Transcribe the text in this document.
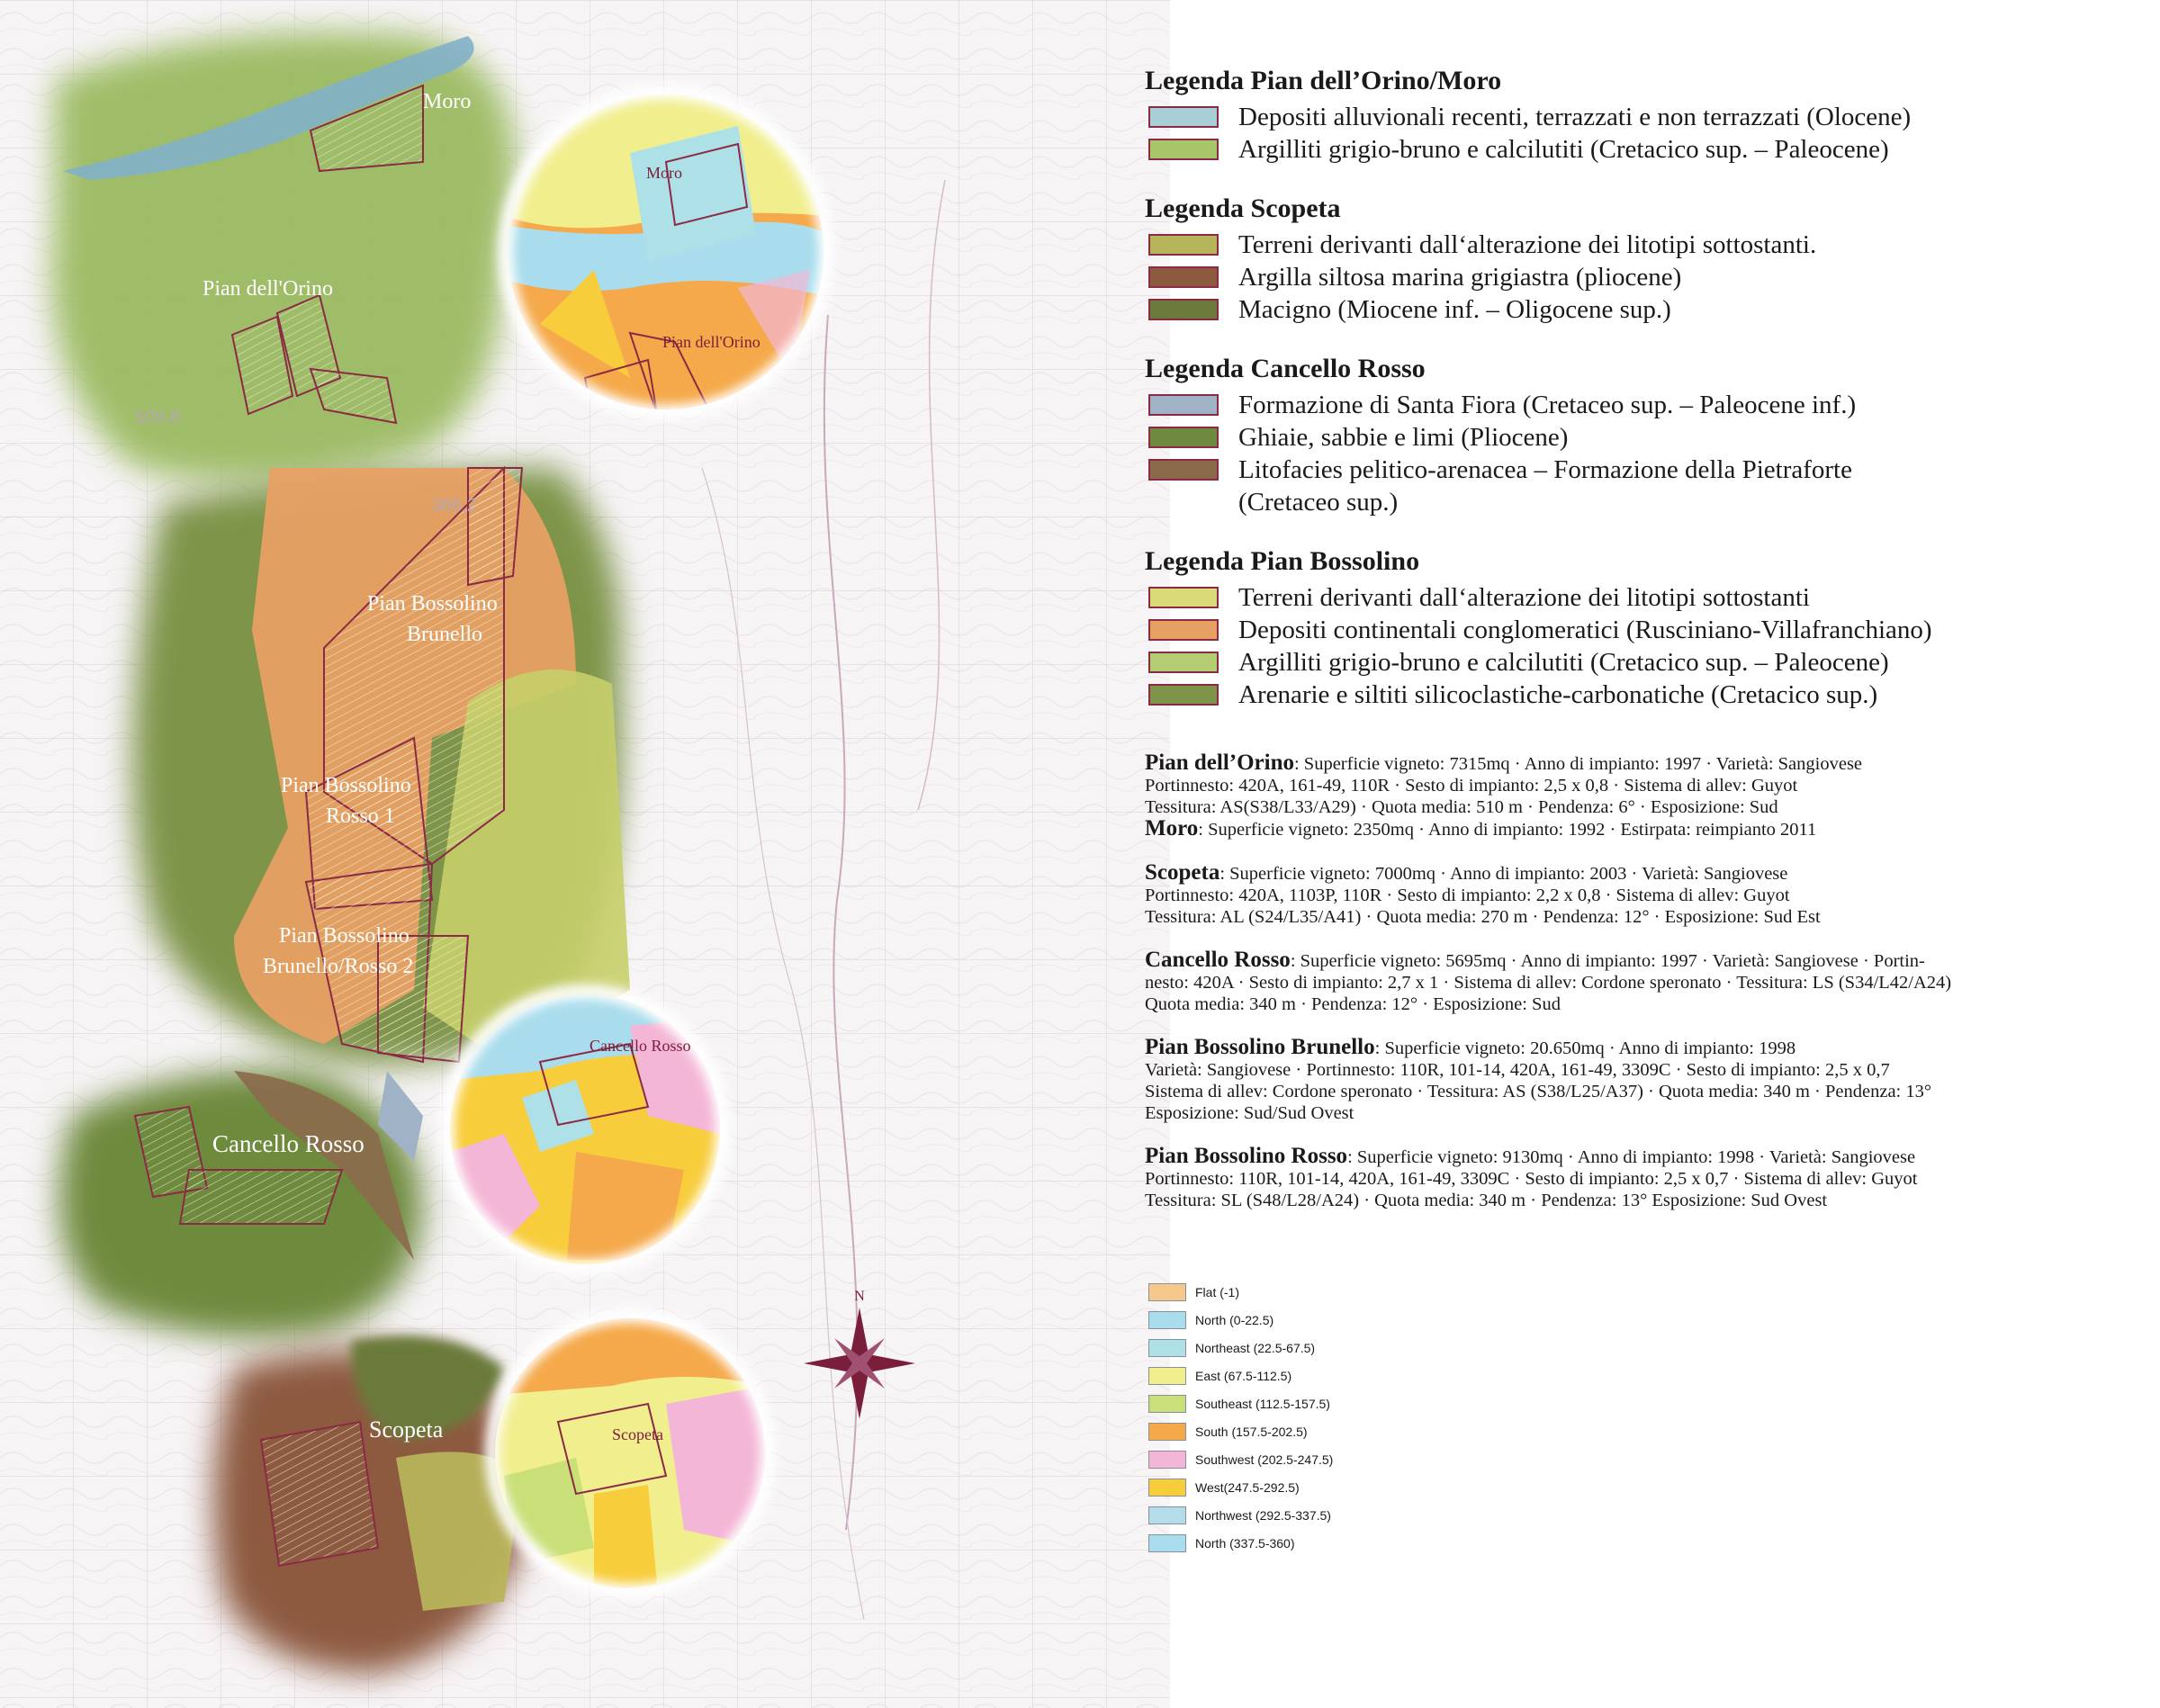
N
Moro
Pian dell'Orino
Pian Bossolino
Brunello
Pian Bossolino
Rosso 1
Pian Bossolino
Brunello/Rosso 2
Cancello Rosso
Scopeta
Moro
Pian dell'Orino
Cancello Rosso
Scopeta
509,8
366,2
Legenda Pian dell’Orino/Moro
Depositi alluvionali recenti, terrazzati e non terrazzati (Olocene)
Argilliti grigio-bruno e calcilutiti (Cretacico sup. – Paleocene)
Legenda Scopeta
Terreni derivanti dall‘alterazione dei litotipi sottostanti.
Argilla siltosa marina grigiastra (pliocene)
Macigno (Miocene inf. – Oligocene sup.)
Legenda Cancello Rosso
Formazione di Santa Fiora (Cretaceo sup. – Paleocene inf.)
Ghiaie, sabbie e limi (Pliocene)
Litofacies pelitico-arenacea – Formazione della Pietraforte
(Cretaceo sup.)
Legenda Pian Bossolino
Terreni derivanti dall‘alterazione dei litotipi sottostanti
Depositi continentali conglomeratici (Rusciniano-Villafranchiano)
Argilliti grigio-bruno e calcilutiti (Cretacico sup. – Paleocene)
Arenarie e siltiti silicoclastiche-carbonatiche (Cretacico sup.)
Pian dell’Orino: Superficie vigneto: 7315mq · Anno di impianto: 1997 · Varietà: Sangiovese
Portinnesto: 420A, 161-49, 110R · Sesto di impianto: 2,5 x 0,8 · Sistema di allev: Guyot
Tessitura: AS(S38/L33/A29) · Quota media: 510 m · Pendenza: 6° · Esposizione: Sud
Moro: Superficie vigneto: 2350mq · Anno di impianto: 1992 · Estirpata: reimpianto 2011
Scopeta: Superficie vigneto: 7000mq · Anno di impianto: 2003 · Varietà: Sangiovese
Portinnesto: 420A, 1103P, 110R · Sesto di impianto: 2,2 x 0,8 · Sistema di allev: Guyot
Tessitura: AL (S24/L35/A41) · Quota media: 270 m · Pendenza: 12° · Esposizione: Sud Est
Cancello Rosso: Superficie vigneto: 5695mq · Anno di impianto: 1997 · Varietà: Sangiovese · Portin-
nesto: 420A · Sesto di impianto: 2,7 x 1 · Sistema di allev: Cordone speronato · Tessitura: LS (S34/L42/A24)
Quota media: 340 m · Pendenza: 12° · Esposizione: Sud
Pian Bossolino Brunello: Superficie vigneto: 20.650mq · Anno di impianto: 1998
Varietà: Sangiovese · Portinnesto: 110R, 101-14, 420A, 161-49, 3309C · Sesto di impianto: 2,5 x 0,7
Sistema di allev: Cordone speronato · Tessitura: AS (S38/L25/A37) · Quota media: 340 m · Pendenza: 13°
Esposizione: Sud/Sud Ovest
Pian Bossolino Rosso: Superficie vigneto: 9130mq · Anno di impianto: 1998 · Varietà: Sangiovese
Portinnesto: 110R, 101-14, 420A, 161-49, 3309C · Sesto di impianto: 2,5 x 0,7 · Sistema di allev: Guyot
Tessitura: SL (S48/L28/A24) · Quota media: 340 m · Pendenza: 13° Esposizione: Sud Ovest
Flat (-1)
North (0-22.5)
Northeast (22.5-67.5)
East (67.5-112.5)
Southeast (112.5-157.5)
South (157.5-202.5)
Southwest (202.5-247.5)
West(247.5-292.5)
Northwest (292.5-337.5)
North (337.5-360)
